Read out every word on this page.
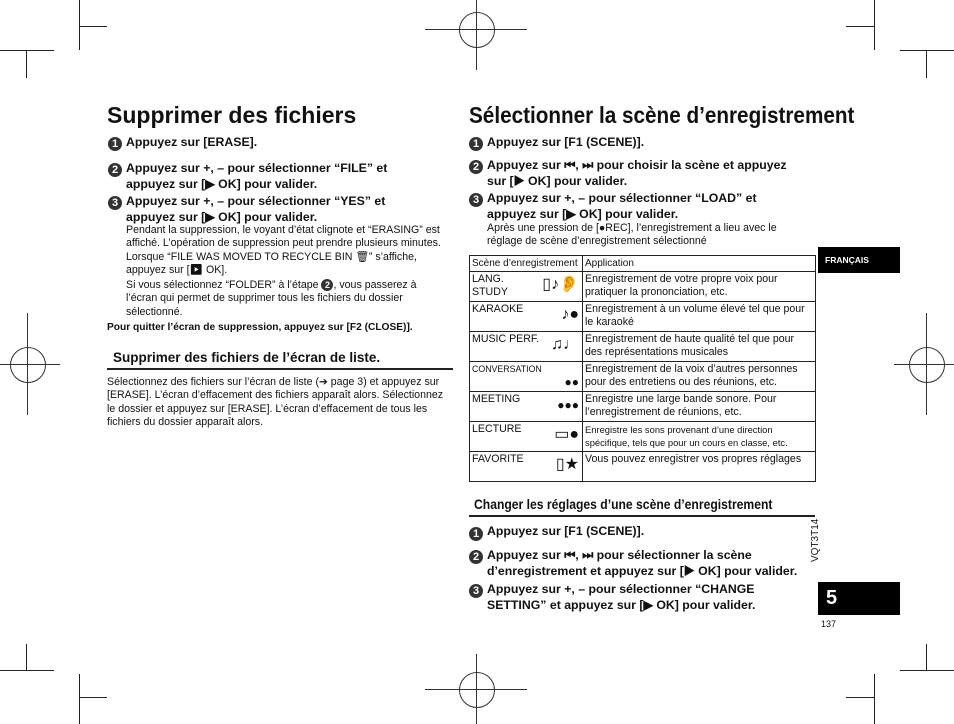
Supprimer des fichiers
1 Appuyez sur [ERASE].
2 Appuyez sur +, – pour sélectionner “FILE” et appuyez sur [▶ OK] pour valider.
3 Appuyez sur +, – pour sélectionner “YES” et appuyez sur [▶ OK] pour valider.
Pendant la suppression, le voyant d’état clignote et “ERASING” est affiché. L’opération de suppression peut prendre plusieurs minutes. Lorsque “FILE WAS MOVED TO RECYCLE BIN 🗑” s’affiche, appuyez sur [▶ OK].
Si vous sélectionnez “FOLDER” à l’étape 2 , vous passerez à l’écran qui permet de supprimer tous les fichiers du dossier sélectionné.
Pour quitter l’écran de suppression, appuyez sur [F2 (CLOSE)].
Supprimer des fichiers de l’écran de liste.
Sélectionnez des fichiers sur l’écran de liste (➔ page 3) et appuyez sur [ERASE]. L’écran d’effacement des fichiers apparaît alors. Sélectionnez le dossier et appuyez sur [ERASE]. L’écran d’effacement de tous les fichiers du dossier apparaît alors.
Sélectionner la scène d’enregistrement
1 Appuyez sur [F1 (SCENE)].
2 Appuyez sur ⏮, ⏭ pour choisir la scène et appuyez sur [▶ OK] pour valider.
3 Appuyez sur +, – pour sélectionner “LOAD” et appuyez sur [▶ OK] pour valider.
Après une pression de [●REC], l’enregistrement a lieu avec le réglage de scène d’enregistrement sélectionné
Scène d’enregistrement	Application

LANG. STUDY ▯♪👂	Enregistrement de votre propre voix pour pratiquer la prononciation, etc.

KARAOKE ♪●	Enregistrement à un volume élevé tel que pour le karaoké

MUSIC PERF. ♫♩	Enregistrement de haute qualité tel que pour des représentations musicales

CONVERSATION
●●	Enregistrement de la voix d’autres personnes pour des entretiens ou des réunions, etc.

MEETING ●●●	Enregistre une large bande sonore. Pour l’enregistrement de réunions, etc.

LECTURE ▭●	Enregistre les sons provenant d’une direction spécifique, tels que pour un cours en classe, etc.

FAVORITE ▯★	Vous pouvez enregistrer vos propres réglages
Changer les réglages d’une scène d’enregistrement
1 Appuyez sur [F1 (SCENE)].
2 Appuyez sur ⏮, ⏭ pour sélectionner la scène d’enregistrement et appuyez sur [▶ OK] pour valider.
3 Appuyez sur +, – pour sélectionner “CHANGE SETTING” et appuyez sur [▶ OK] pour valider.
FRANÇAIS
VQT3T14
5
137
